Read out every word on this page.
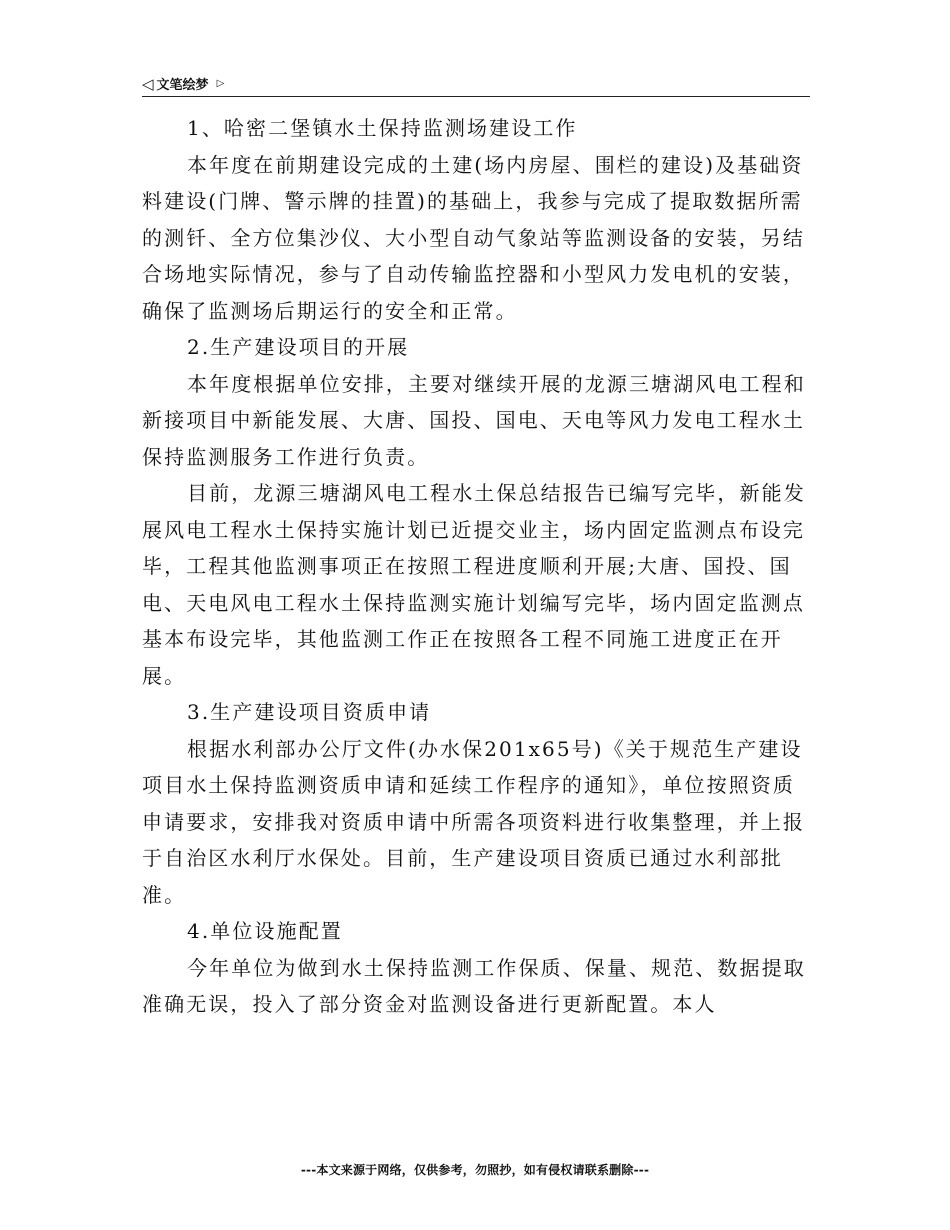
◁ 文笔绘梦 ▷

1、哈密二堡镇水土保持监测场建设工作

本年度在前期建设完成的土建(场内房屋、围栏的建设)及基础资料建设(门牌、警示牌的挂置)的基础上，我参与完成了提取数据所需的测钎、全方位集沙仪、大小型自动气象站等监测设备的安装，另结合场地实际情况，参与了自动传输监控器和小型风力发电机的安装，确保了监测场后期运行的安全和正常。

2.生产建设项目的开展

本年度根据单位安排，主要对继续开展的龙源三塘湖风电工程和新接项目中新能发展、大唐、国投、国电、天电等风力发电工程水土保持监测服务工作进行负责。

目前，龙源三塘湖风电工程水土保总结报告已编写完毕，新能发展风电工程水土保持实施计划已近提交业主，场内固定监测点布设完毕，工程其他监测事项正在按照工程进度顺利开展;大唐、国投、国电、天电风电工程水土保持监测实施计划编写完毕，场内固定监测点基本布设完毕，其他监测工作正在按照各工程不同施工进度正在开展。

3.生产建设项目资质申请

根据水利部办公厅文件(办水保201x65号)《关于规范生产建设项目水土保持监测资质申请和延续工作程序的通知》，单位按照资质申请要求，安排我对资质申请中所需各项资料进行收集整理，并上报于自治区水利厅水保处。目前，生产建设项目资质已通过水利部批准。

4.单位设施配置

今年单位为做到水土保持监测工作保质、保量、规范、数据提取准确无误，投入了部分资金对监测设备进行更新配置。本人

---本文来源于网络，仅供参考，勿照抄，如有侵权请联系删除---
